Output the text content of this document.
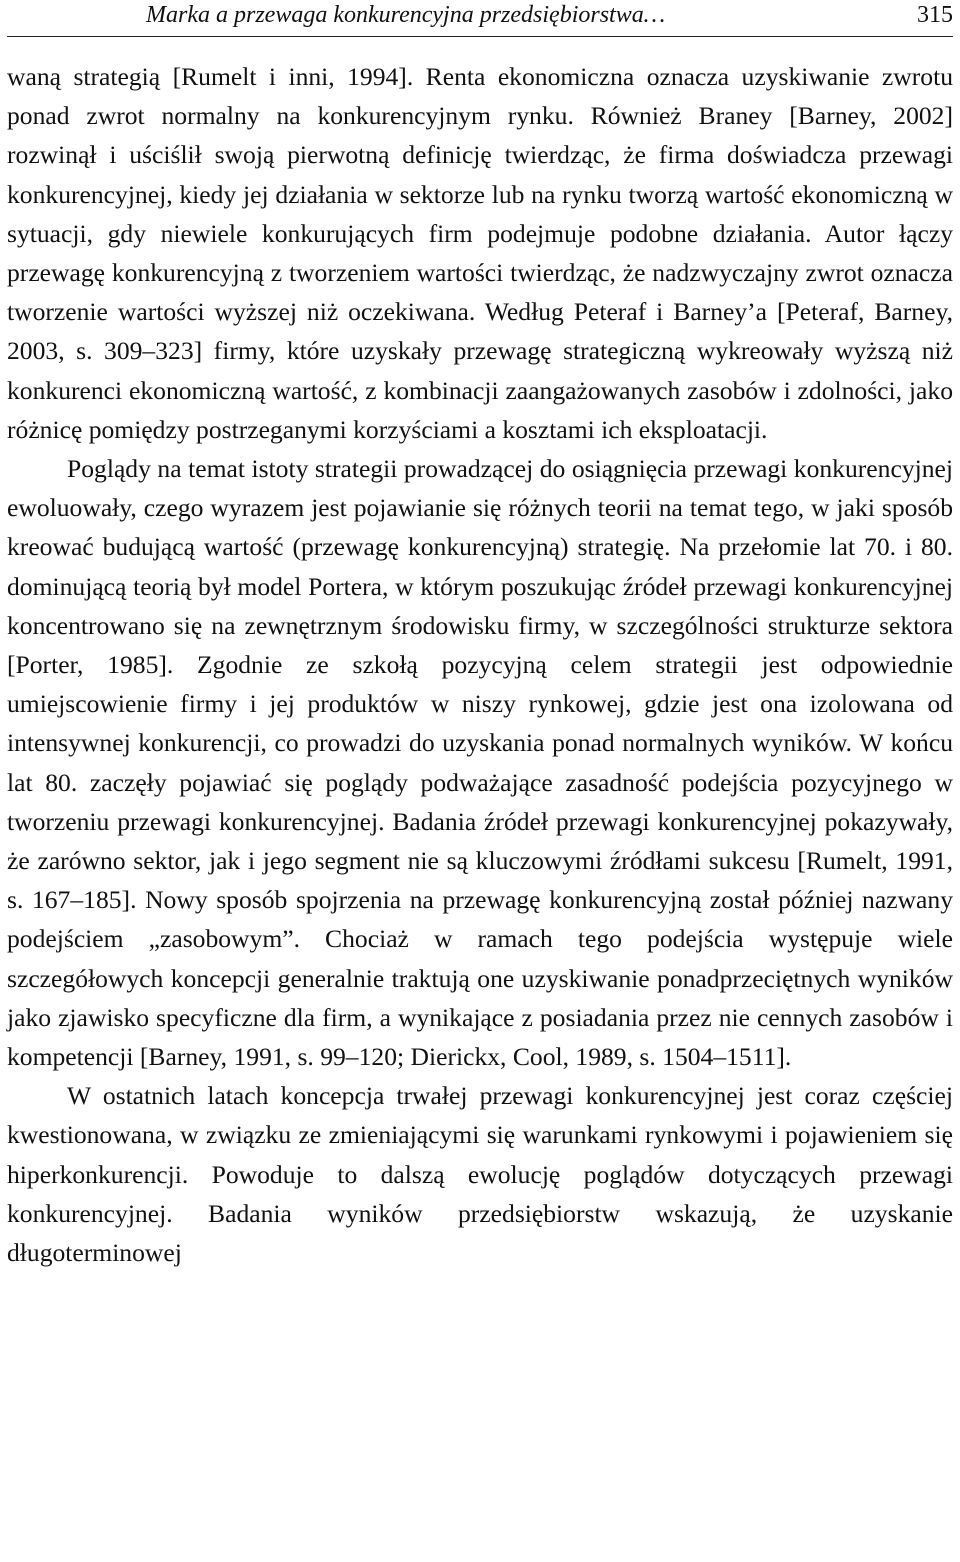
Marka a przewaga konkurencyjna przedsiębiorstwa…	315

waną strategią [Rumelt i inni, 1994]. Renta ekonomiczna oznacza uzyskiwanie zwrotu ponad zwrot normalny na konkurencyjnym rynku. Również Braney [Barney, 2002] rozwinął i uściślił swoją pierwotną definicję twierdząc, że firma doświadcza przewagi konkurencyjnej, kiedy jej działania w sektorze lub na rynku tworzą wartość ekonomiczną w sytuacji, gdy niewiele konkurujących firm podejmuje podobne działania. Autor łączy przewagę konkurencyjną z tworzeniem wartości twierdząc, że nadzwyczajny zwrot oznacza tworzenie wartości wyższej niż oczekiwana. Według Peteraf i Barney’a [Peteraf, Barney, 2003, s. 309–323] firmy, które uzyskały przewagę strategiczną wykreowały wyższą niż konkurenci ekonomiczną wartość, z kombinacji zaangażowanych zasobów i zdolności, jako różnicę pomiędzy postrzeganymi korzyściami a kosztami ich eksploatacji.

Poglądy na temat istoty strategii prowadzącej do osiągnięcia przewagi konkurencyjnej ewoluowały, czego wyrazem jest pojawianie się różnych teorii na temat tego, w jaki sposób kreować budującą wartość (przewagę konkurencyjną) strategię. Na przełomie lat 70. i 80. dominującą teorią był model Portera, w którym poszukując źródeł przewagi konkurencyjnej koncentrowano się na zewnętrznym środowisku firmy, w szczególności strukturze sektora [Porter, 1985]. Zgodnie ze szkołą pozycyjną celem strategii jest odpowiednie umiejscowienie firmy i jej produktów w niszy rynkowej, gdzie jest ona izolowana od intensywnej konkurencji, co prowadzi do uzyskania ponad normalnych wyników. W końcu lat 80. zaczęły pojawiać się poglądy podważające zasadność podejścia pozycyjnego w tworzeniu przewagi konkurencyjnej. Badania źródeł przewagi konkurencyjnej pokazywały, że zarówno sektor, jak i jego segment nie są kluczowymi źródłami sukcesu [Rumelt, 1991, s. 167–185]. Nowy sposób spojrzenia na przewagę konkurencyjną został później nazwany podejściem „zasobowym”. Chociaż w ramach tego podejścia występuje wiele szczegółowych koncepcji generalnie traktują one uzyskiwanie ponadprzeciętnych wyników jako zjawisko specyficzne dla firm, a wynikające z posiadania przez nie cennych zasobów i kompetencji [Barney, 1991, s. 99–120; Dierickx, Cool, 1989, s. 1504–1511].

W ostatnich latach koncepcja trwałej przewagi konkurencyjnej jest coraz częściej kwestionowana, w związku ze zmieniającymi się warunkami rynkowymi i pojawieniem się hiperkonkurencji. Powoduje to dalszą ewolucję poglądów dotyczących przewagi konkurencyjnej. Badania wyników przedsiębiorstw wskazują, że uzyskanie długoterminowej
